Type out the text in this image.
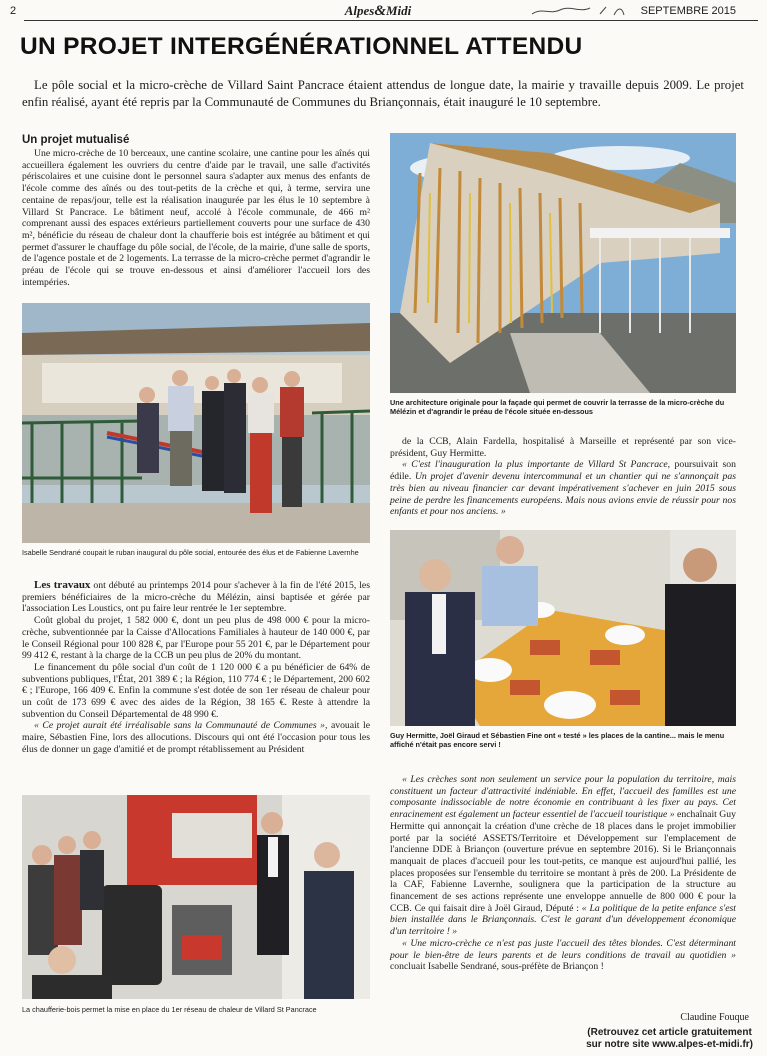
2	Alpes&Midi	SEPTEMBRE 2015
UN PROJET INTERGÉNÉRATIONNEL ATTENDU

Le pôle social et la micro-crèche de Villard Saint Pancrace étaient attendus de longue date, la mairie y travaille depuis 2009. Le projet enfin réalisé, ayant été repris par la Communauté de Communes du Briançonnais, était inauguré le 10 septembre.

Un projet mutualisé

Une micro-crèche de 10 berceaux, une cantine scolaire, une cantine pour les aînés qui accueillera également les ouvriers du centre d'aide par le travail, une salle d'activités périscolaires et une cuisine dont le personnel saura s'adapter aux menus des enfants de l'école comme des aînés ou des tout-petits de la crèche et qui, à terme, servira une centaine de repas/jour, telle est la réalisation inaugurée par les élus le 10 septembre à Villard St Pancrace. Le bâtiment neuf, accolé à l'école communale, de 466 m² comprenant aussi des espaces extérieurs partiellement couverts pour une surface de 430 m², bénéficie du réseau de chaleur dont la chaufferie bois est intégrée au bâtiment et qui permet d'assurer le chauffage du pôle social, de l'école, de la mairie, d'une salle de sports, de l'agence postale et de 2 logements. La terrasse de la micro-crèche permet d'agrandir le préau de l'école qui se trouve en-dessous et ainsi d'améliorer l'accueil lors des intempéries.

Isabelle Sendrané coupait le ruban inaugural du pôle social, entourée des élus et de Fabienne Lavernhe

Les travaux ont débuté au printemps 2014 pour s'achever à la fin de l'été 2015, les premiers bénéficiaires de la micro-crèche du Mélézin, ainsi baptisée et gérée par l'association Les Loustics, ont pu faire leur rentrée le 1er septembre.

Coût global du projet, 1 582 000 €, dont un peu plus de 498 000 € pour la micro-crèche, subventionnée par la Caisse d'Allocations Familiales à hauteur de 140 000 €, par le Conseil Régional pour 100 828 €, par l'Europe pour 55 201 €, par le Département pour 99 412 €, restant à la charge de la CCB un peu plus de 20% du montant.

Le financement du pôle social d'un coût de 1 120 000 € a pu bénéficier de 64% de subventions publiques, l'État, 201 389 € ; la Région, 110 774 € ; le Département, 200 602 € ; l'Europe, 166 409 €. Enfin la commune s'est dotée de son 1er réseau de chaleur pour un coût de 173 699 € avec des aides de la Région, 38 165 €. Reste à attendre la subvention du Conseil Départemental de 48 990 €.

« Ce projet aurait été irréalisable sans la Communauté de Communes », avouait le maire, Sébastien Fine, lors des allocutions. Discours qui ont été l'occasion pour tous les élus de donner un gage d'amitié et de prompt rétablissement au Président

La chaufferie-bois permet la mise en place du 1er réseau de chaleur de Villard St Pancrace
Une architecture originale pour la façade qui permet de couvrir la terrasse de la micro-crèche du Mélézin et d'agrandir le préau de l'école située en-dessous

de la CCB, Alain Fardella, hospitalisé à Marseille et représenté par son vice-président, Guy Hermitte.

« C'est l'inauguration la plus importante de Villard St Pancrace, poursuivait son édile. Un projet d'avenir devenu intercommunal et un chantier qui ne s'annonçait pas très bien au niveau financier car devant impérativement s'achever en juin 2015 sous peine de perdre les financements européens. Mais nous avions envie de réussir pour nos enfants et pour nos anciens. »

Guy Hermitte, Joël Giraud et Sébastien Fine ont « testé » les places de la cantine... mais le menu affiché n'était pas encore servi !

« Les crèches sont non seulement un service pour la population du territoire, mais constituent un facteur d'attractivité indéniable. En effet, l'accueil des familles est une composante indissociable de notre économie en contribuant à les fixer au pays. Cet enracinement est également un facteur essentiel de l'accueil touristique » enchaînait Guy Hermitte qui annonçait la création d'une crèche de 18 places dans le projet immobilier porté par la société ASSETS/Territoire et Développement sur l'emplacement de l'ancienne DDE à Briançon (ouverture prévue en septembre 2016). Si le Briançonnais manquait de places d'accueil pour les tout-petits, ce manque est aujourd'hui pallié, les places proposées sur l'ensemble du territoire se montant à près de 200. La Présidente de la CAF, Fabienne Lavernhe, soulignera que la participation de la structure au financement de ses actions représente une enveloppe annuelle de 800 000 € pour la CCB. Ce qui faisait dire à Joël Giraud, Député : « La politique de la petite enfance s'est bien installée dans le Briançonnais. C'est le garant d'un développement économique d'un territoire ! »

« Une micro-crèche ce n'est pas juste l'accueil des têtes blondes. C'est déterminant pour le bien-être de leurs parents et de leurs conditions de travail au quotidien » concluait Isabelle Sendrané, sous-préfète de Briançon !

Claudine Fouque
(Retrouvez cet article gratuitement
sur notre site www.alpes-et-midi.fr)
